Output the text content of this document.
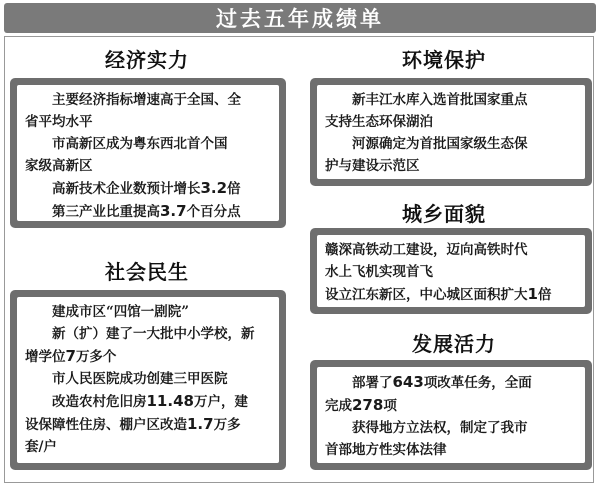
过去五年成绩单
经济实力
主要经济指标增速高于全国、全
省平均水平
市高新区成为粤东西北首个国
家级高新区
高新技术企业数预计增长3.2倍
第三产业比重提高3.7个百分点
环境保护
新丰江水库入选首批国家重点
支持生态环保湖泊
河源确定为首批国家级生态保
护与建设示范区
城乡面貌
赣深高铁动工建设，迈向高铁时代
水上飞机实现首飞
设立江东新区，中心城区面积扩大1倍
社会民生
建成市区“四馆一剧院”
新（扩）建了一大批中小学校，新
增学位7万多个
市人民医院成功创建三甲医院
改造农村危旧房11.48万户，建
设保障性住房、棚户区改造1.7万多
套/户
发展活力
部署了643项改革任务，全面
完成278项
获得地方立法权，制定了我市
首部地方性实体法律
